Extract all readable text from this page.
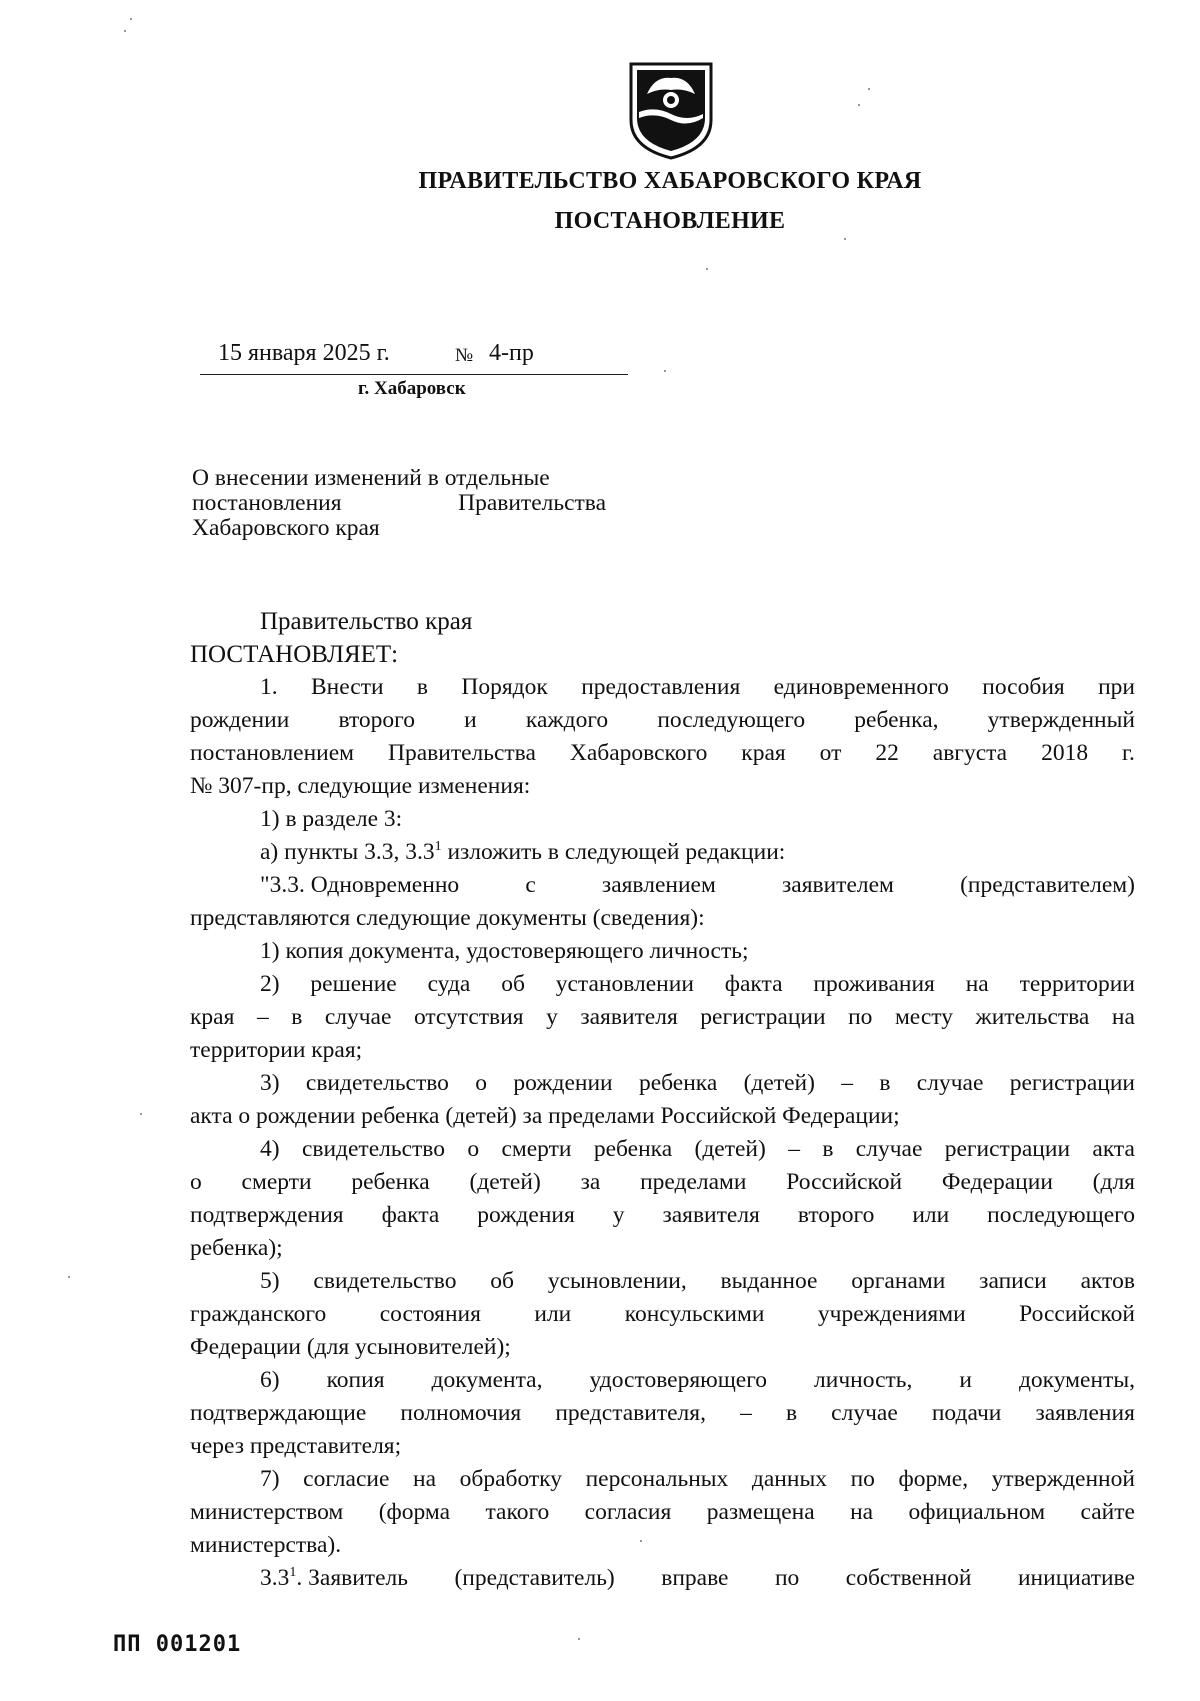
ПРАВИТЕЛЬСТВО ХАБАРОВСКОГО КРАЯ
ПОСТАНОВЛЕНИЕ
15 января 2025 г.	№ 4-пр
г. Хабаровск
О внесении изменений в отдельные
постановления	Правительства
Хабаровского края
Правительство края
ПОСТАНОВЛЯЕТ:
1. Внести в Порядок предоставления единовременного пособия при
рождении второго и каждого последующего ребенка, утвержденный
постановлением Правительства Хабаровского края от 22 августа 2018 г.
№ 307-пр, следующие изменения:
1) в разделе 3:
а) пункты 3.3, $3.3^1$ изложить в следующей редакции:
"3.3. Одновременно	с	заявлением	заявителем	(представителем)
представляются следующие документы (сведения):
1) копия документа, удостоверяющего личность;
2) решение суда об установлении факта проживания на территории
края – в случае отсутствия у заявителя регистрации по месту жительства на
территории края;
3) свидетельство о рождении ребенка (детей) – в случае регистрации
акта о рождении ребенка (детей) за пределами Российской Федерации;
4) свидетельство о смерти ребенка (детей) – в случае регистрации акта
о смерти ребенка (детей) за пределами Российской Федерации (для
подтверждения факта рождения у заявителя второго или последующего
ребенка);
5) свидетельство об усыновлении, выданное органами записи актов
гражданского состояния или консульскими учреждениями Российской
Федерации (для усыновителей);
6) копия документа, удостоверяющего личность, и документы,
подтверждающие полномочия представителя, – в случае подачи заявления
через представителя;
7) согласие на обработку персональных данных по форме, утвержденной
министерством (форма такого согласия размещена на официальном сайте
министерства).
$3.3^1$. Заявитель (представитель) вправе по собственной инициативе
ПП 001201
